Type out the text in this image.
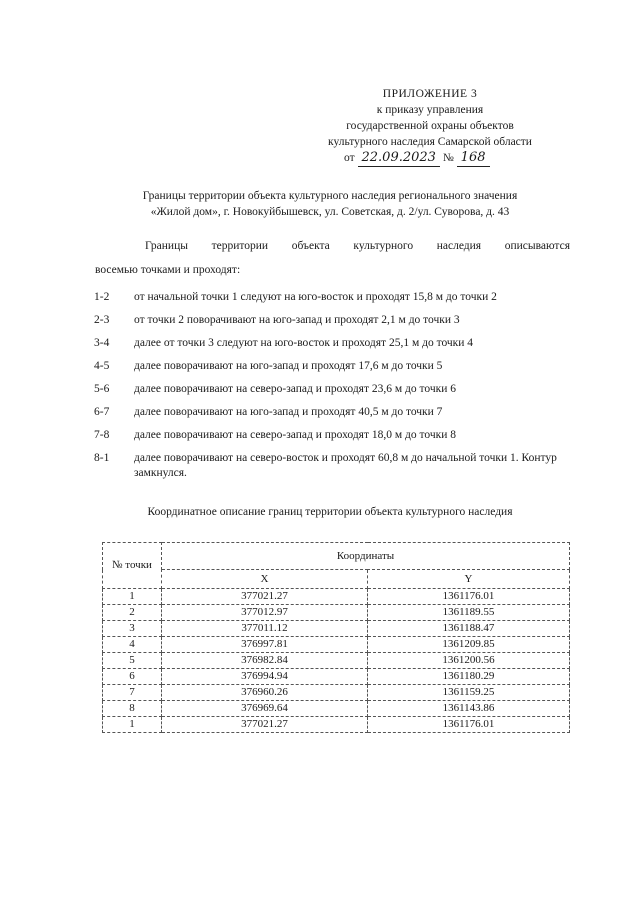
ПРИЛОЖЕНИЕ 3
к приказу управления
государственной охраны объектов
культурного наследия Самарской области
от 22.09.2023 № 168
Границы территории объекта культурного наследия регионального значения
«Жилой дом», г. Новокуйбышевск, ул. Советская, д. 2/ул. Суворова, д. 43
Границы территории объекта культурного наследия описываются
восемью точками и проходят:
1-2	от начальной точки 1 следуют на юго-восток и проходят 15,8 м до точки 2
2-3	от точки 2 поворачивают на юго-запад и проходят 2,1 м до точки 3
3-4	далее от точки 3 следуют на юго-восток и проходят 25,1 м до точки 4
4-5	далее поворачивают на юго-запад и проходят 17,6 м до точки 5
5-6	далее поворачивают на северо-запад и проходят 23,6 м до точки 6
6-7	далее поворачивают на юго-запад и проходят 40,5 м до точки 7
7-8	далее поворачивают на северо-запад и проходят 18,0 м до точки 8
8-1	далее поворачивают на северо-восток и проходят 60,8 м до начальной точки 1. Контур замкнулся.
Координатное описание границ территории объекта культурного наследия
№ точки	Координаты	
	X	Y
1	377021.27	1361176.01
2	377012.97	1361189.55
3	377011.12	1361188.47
4	376997.81	1361209.85
5	376982.84	1361200.56
6	376994.94	1361180.29
7	376960.26	1361159.25
8	376969.64	1361143.86
1	377021.27	1361176.01
